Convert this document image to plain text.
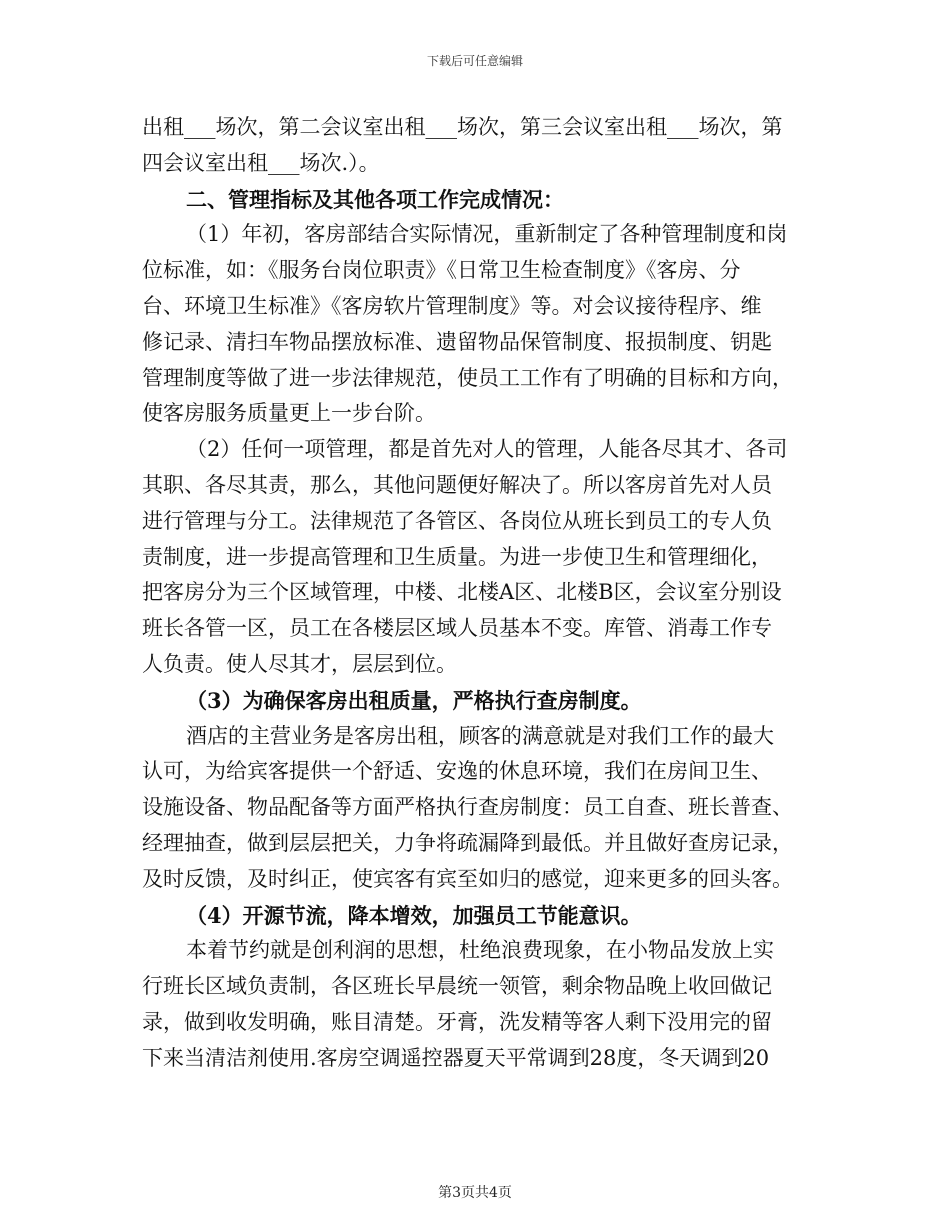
下载后可任意编辑
出租___场次，第二会议室出租___场次，第三会议室出租___场次，第
四会议室出租___场次.）。
二、管理指标及其他各项工作完成情况：
（1）年初，客房部结合实际情况，重新制定了各种管理制度和岗
位标准，如：《服务台岗位职责》《日常卫生检查制度》《客房、分
台、环境卫生标准》《客房软片管理制度》等。对会议接待程序、维
修记录、清扫车物品摆放标准、遗留物品保管制度、报损制度、钥匙
管理制度等做了进一步法律规范，使员工工作有了明确的目标和方向，
使客房服务质量更上一步台阶。
（2）任何一项管理，都是首先对人的管理，人能各尽其才、各司
其职、各尽其责，那么，其他问题便好解决了。所以客房首先对人员
进行管理与分工。法律规范了各管区、各岗位从班长到员工的专人负
责制度，进一步提高管理和卫生质量。为进一步使卫生和管理细化，
把客房分为三个区域管理，中楼、北楼A区、北楼B区，会议室分别设
班长各管一区，员工在各楼层区域人员基本不变。库管、消毒工作专
人负责。使人尽其才，层层到位。
（3）为确保客房出租质量，严格执行查房制度。
酒店的主营业务是客房出租，顾客的满意就是对我们工作的最大
认可，为给宾客提供一个舒适、安逸的休息环境，我们在房间卫生、
设施设备、物品配备等方面严格执行查房制度：员工自查、班长普查、
经理抽查，做到层层把关，力争将疏漏降到最低。并且做好查房记录，
及时反馈，及时纠正，使宾客有宾至如归的感觉，迎来更多的回头客。
（4）开源节流，降本增效，加强员工节能意识。
本着节约就是创利润的思想，杜绝浪费现象，在小物品发放上实
行班长区域负责制，各区班长早晨统一领管，剩余物品晚上收回做记
录，做到收发明确，账目清楚。牙膏，洗发精等客人剩下没用完的留
下来当清洁剂使用.客房空调遥控器夏天平常调到28度，冬天调到20
第3页共4页
